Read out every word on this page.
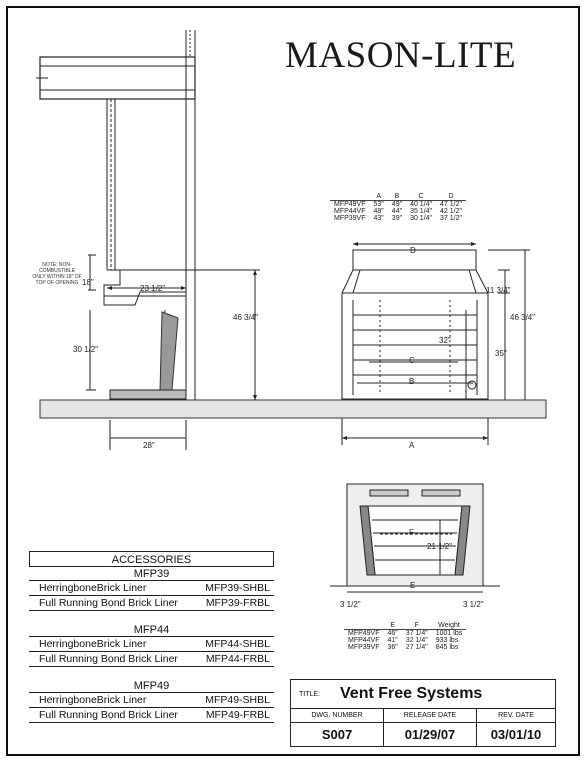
MASON-LITE
NOTE: NON-COMBUSTIBLE ONLY WITHIN 18" OF TOP OF OPENING 18"
23 1/2"
30 1/2"
46 3/4"
28"
	A	B	C	D
MFP49VF	53"	49"	40 1/4"	47 1/2"
MFP44VF	48"	44"	35 1/4"	42 1/2"
MFP39VF	43"	39"	30 1/4"	37 1/2"
D
C
B
A
11 3/4"
46 3/4"
32"
35"
F
21 1/2"
E
3 1/2"	3 1/2"
	E	F	Weight
MFP49VF	46"	37 1/4"	1001 lbs
MFP44VF	41"	32 1/4"	933 lbs
MFP39VF	36"	27 1/4"	845 lbs
ACCESSORIES
MFP39
HerringboneBrick Liner	MFP39-SHBL
Full Running Bond Brick Liner	MFP39-FRBL
MFP44
HerringboneBrick Liner	MFP44-SHBL
Full Running Bond Brick Liner	MFP44-FRBL
MFP49
HerringboneBrick Liner	MFP49-SHBL
Full Running Bond Brick Liner	MFP49-FRBL
TITLE: Vent Free Systems
DWG. NUMBER	RELEASE DATE	REV. DATE
S007	01/29/07	03/01/10
